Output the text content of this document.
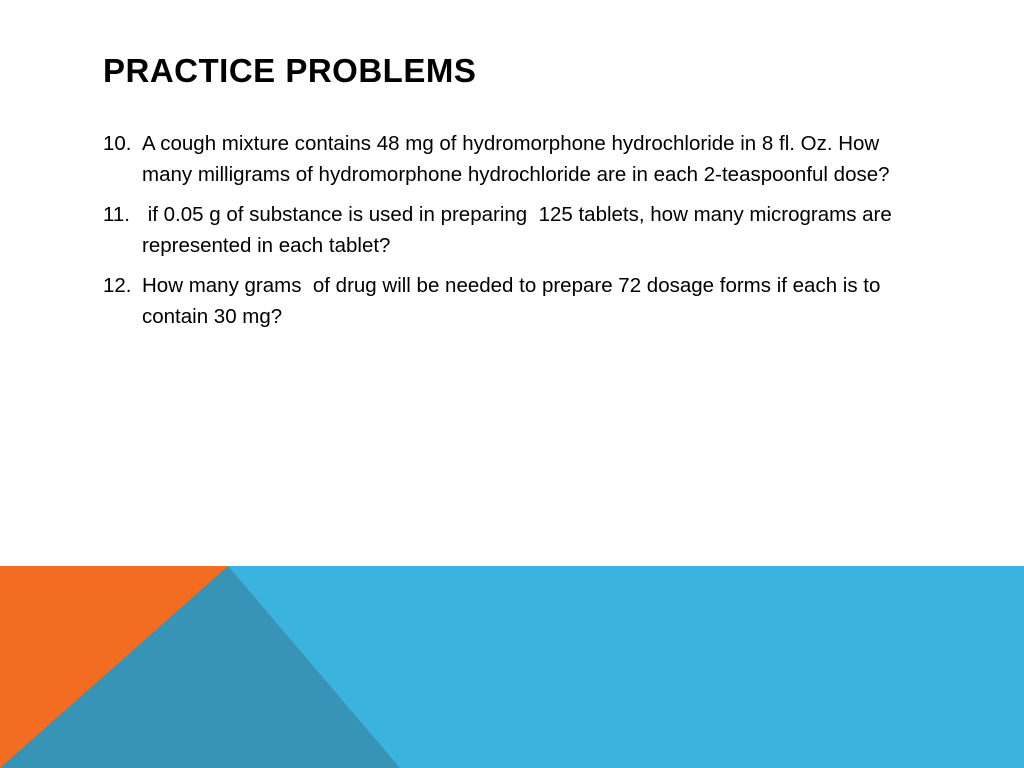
PRACTICE PROBLEMS
10. A cough mixture contains 48 mg of hydromorphone hydrochloride in 8 fl. Oz. How many milligrams of hydromorphone hydrochloride are in each 2-teaspoonful dose?
11. if 0.05 g of substance is used in preparing  125 tablets, how many micrograms are represented in each tablet?
12. How many grams  of drug will be needed to prepare 72 dosage forms if each is to contain 30 mg?
